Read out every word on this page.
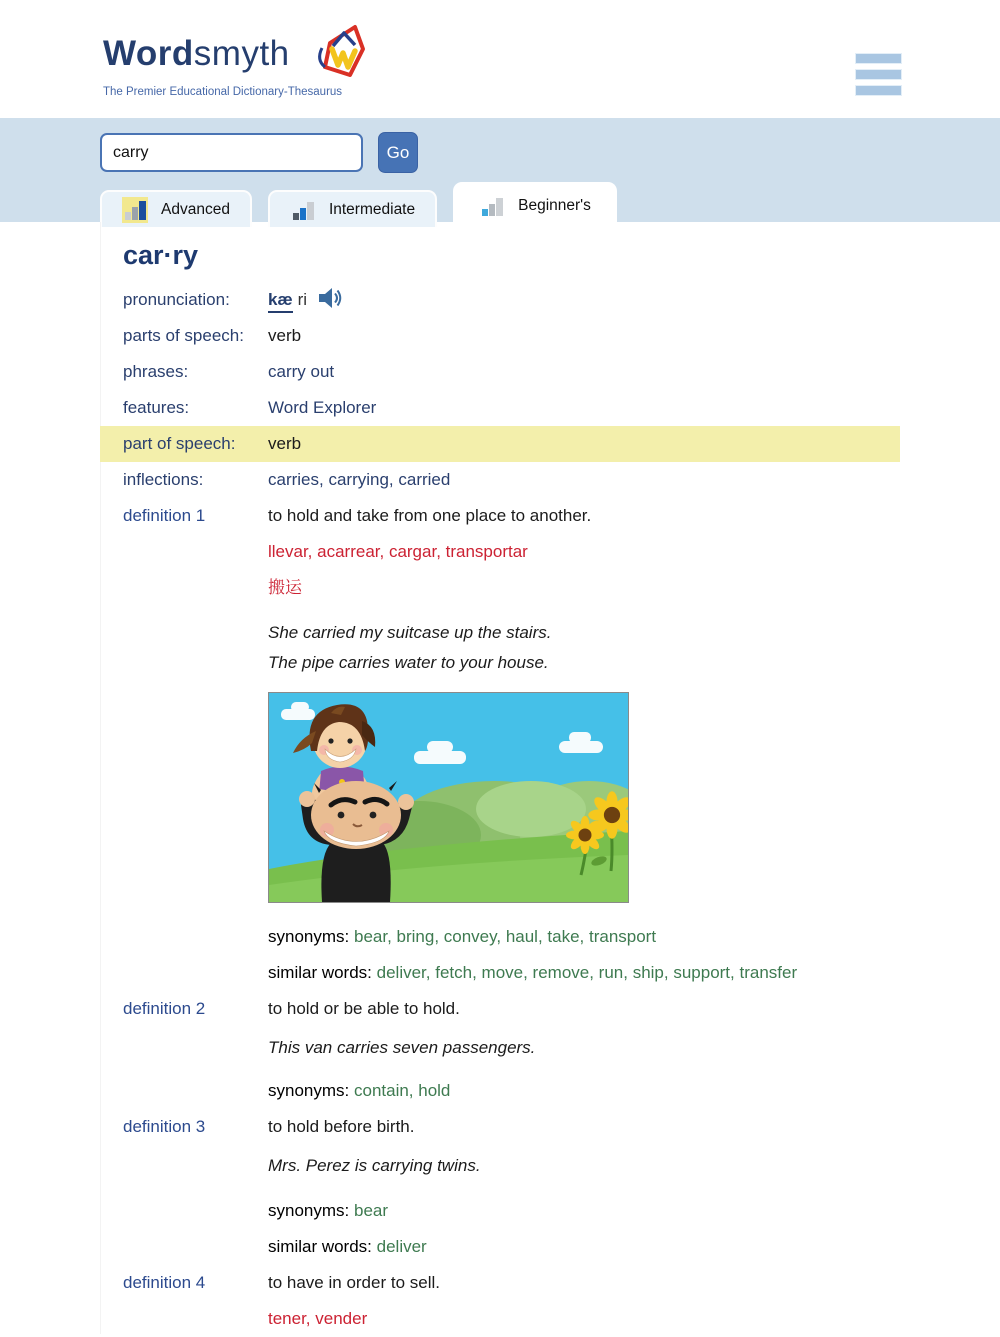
Wordsmyth
The Premier Educational Dictionary-Thesaurus
carry
Go
Advanced	Intermediate	Beginner's
car·ry
pronunciation:	kæ ri
parts of speech:	verb
phrases:	carry out
features:	Word Explorer
part of speech:	verb
inflections:	carries, carrying, carried
definition 1	to hold and take from one place to another.
llevar, acarrear, cargar, transportar
搬运
She carried my suitcase up the stairs.
The pipe carries water to your house.
synonyms:
bear, bring, convey, haul, take, transport
similar words:
deliver, fetch, move, remove, run, ship, support, transfer
definition 2	to hold or be able to hold.
This van carries seven passengers.
synonyms:
contain, hold
definition 3	to hold before birth.
Mrs. Perez is carrying twins.
synonyms:
bear
similar words:
deliver
definition 4	to have in order to sell.
tener, vender
